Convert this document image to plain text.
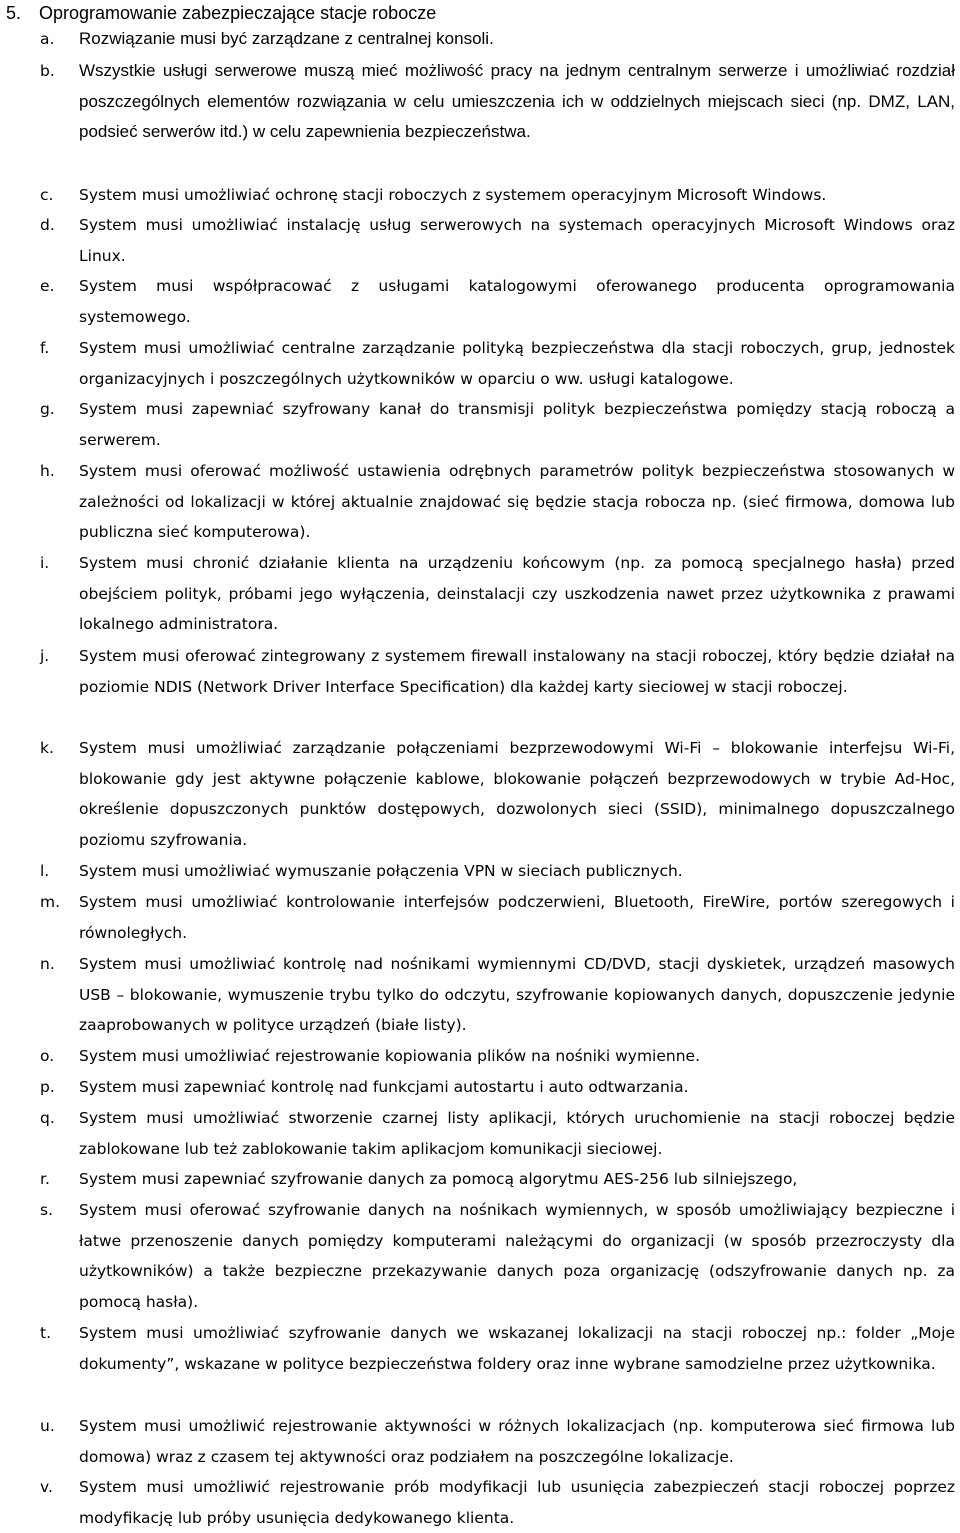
5. Oprogramowanie zabezpieczające stacje robocze
a.	Rozwiązanie musi być zarządzane z centralnej konsoli.
b.	Wszystkie usługi serwerowe muszą mieć możliwość pracy na jednym centralnym serwerze i umożliwiać rozdział poszczególnych elementów rozwiązania w celu umieszczenia ich w oddzielnych miejscach sieci (np. DMZ, LAN, podsieć serwerów itd.) w celu zapewnienia bezpieczeństwa.
c.	System musi umożliwiać ochronę stacji roboczych z systemem operacyjnym Microsoft Windows.
d.	System musi umożliwiać instalację usług serwerowych na systemach operacyjnych Microsoft Windows oraz Linux.
e.	System musi współpracować z usługami katalogowymi oferowanego producenta oprogramowania systemowego.
f.	System musi umożliwiać centralne zarządzanie polityką bezpieczeństwa dla stacji roboczych, grup, jednostek organizacyjnych i poszczególnych użytkowników w oparciu o ww. usługi katalogowe.
g.	System musi zapewniać szyfrowany kanał do transmisji polityk bezpieczeństwa pomiędzy stacją roboczą a serwerem.
h.	System musi oferować możliwość ustawienia odrębnych parametrów polityk bezpieczeństwa stosowanych w zależności od lokalizacji w której aktualnie znajdować się będzie stacja robocza np. (sieć firmowa, domowa lub publiczna sieć komputerowa).
i.	System musi chronić działanie klienta na urządzeniu końcowym (np. za pomocą specjalnego hasła) przed obejściem polityk, próbami jego wyłączenia, deinstalacji czy uszkodzenia nawet przez użytkownika z prawami lokalnego administratora.
j.	System musi oferować zintegrowany z systemem firewall instalowany na stacji roboczej, który będzie działał na poziomie NDIS (Network Driver Interface Specification) dla każdej karty sieciowej w stacji roboczej.
k.	System musi umożliwiać zarządzanie połączeniami bezprzewodowymi Wi-Fi – blokowanie interfejsu Wi-Fi, blokowanie gdy jest aktywne połączenie kablowe, blokowanie połączeń bezprzewodowych w trybie Ad-Hoc, określenie dopuszczonych punktów dostępowych, dozwolonych sieci (SSID), minimalnego dopuszczalnego poziomu szyfrowania.
l.	System musi umożliwiać wymuszanie połączenia VPN w sieciach publicznych.
m.	System musi umożliwiać kontrolowanie interfejsów podczerwieni, Bluetooth, FireWire, portów szeregowych i równoległych.
n.	System musi umożliwiać kontrolę nad nośnikami wymiennymi CD/DVD, stacji dyskietek, urządzeń masowych USB – blokowanie, wymuszenie trybu tylko do odczytu, szyfrowanie kopiowanych danych, dopuszczenie jedynie zaaprobowanych w polityce urządzeń (białe listy).
o.	System musi umożliwiać rejestrowanie kopiowania plików na nośniki wymienne.
p.	System musi zapewniać kontrolę nad funkcjami autostartu i auto odtwarzania.
q.	System musi umożliwiać stworzenie czarnej listy aplikacji, których uruchomienie na stacji roboczej będzie zablokowane lub też zablokowanie takim aplikacjom komunikacji sieciowej.
r.	System musi zapewniać szyfrowanie danych za pomocą algorytmu AES-256 lub silniejszego,
s.	System musi oferować szyfrowanie danych na nośnikach wymiennych, w sposób umożliwiający bezpieczne i łatwe przenoszenie danych pomiędzy komputerami należącymi do organizacji (w sposób przezroczysty dla użytkowników) a także bezpieczne przekazywanie danych poza organizację (odszyfrowanie danych np. za pomocą hasła).
t.	System musi umożliwiać szyfrowanie danych we wskazanej lokalizacji na stacji roboczej np.: folder „Moje dokumenty”, wskazane w polityce bezpieczeństwa foldery oraz inne wybrane samodzielne przez użytkownika.
u.	System musi umożliwić rejestrowanie aktywności w różnych lokalizacjach (np. komputerowa sieć firmowa lub domowa) wraz z czasem tej aktywności oraz podziałem na poszczególne lokalizacje.
v.	System musi umożliwić rejestrowanie prób modyfikacji lub usunięcia zabezpieczeń stacji roboczej poprzez modyfikację lub próby usunięcia dedykowanego klienta.
